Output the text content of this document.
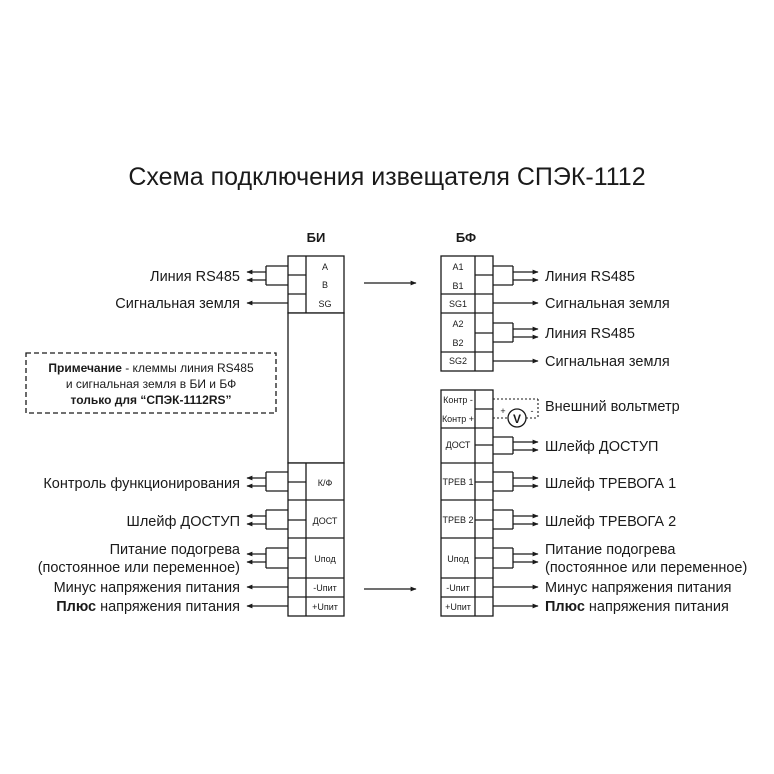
Схема подключения извещателя СПЭК-1112
БИ	БФ
A
B
SG
К/Ф
ДОСТ
Uпод
-Uпит
+Uпит
Линия RS485
Сигнальная земля
Контроль функционирования
Шлейф ДОСТУП
Питание подогрева
(постоянное или переменное)
Минус напряжения питания
Плюс напряжения питания
Примечание - клеммы линия RS485
и сигнальная земля в БИ и БФ
только для “СПЭК-1112RS”
A1
B1
SG1
A2
B2
SG2
Контр -
Контр +
ДОСТ
ТРЕВ 1
ТРЕВ 2
Uпод
-Uпит
+Uпит
V
+	-
Линия RS485
Сигнальная земля
Линия RS485
Сигнальная земля
Внешний вольтметр
Шлейф ДОСТУП
Шлейф ТРЕВОГА 1
Шлейф ТРЕВОГА 2
Питание подогрева
(постоянное или переменное)
Минус напряжения питания
Плюс напряжения питания
